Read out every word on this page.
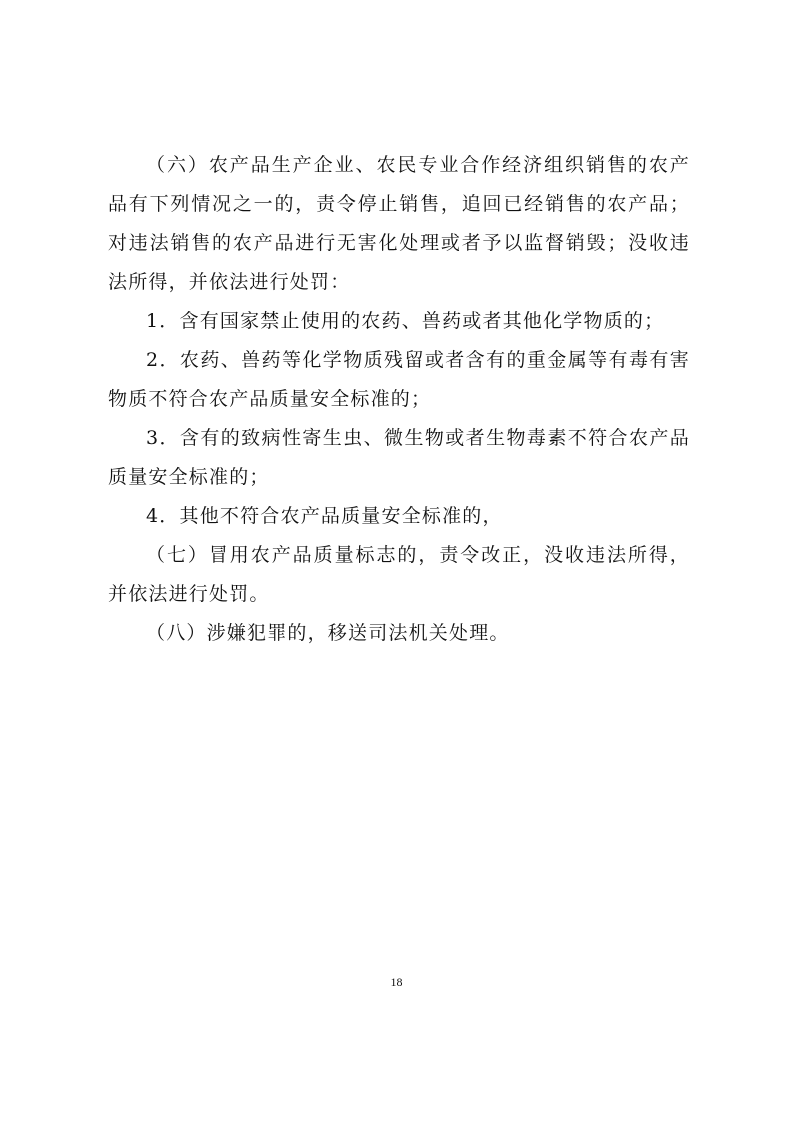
（六）农产品生产企业、农民专业合作经济组织销售的农产品有下列情况之一的，责令停止销售，追回已经销售的农产品；对违法销售的农产品进行无害化处理或者予以监督销毁；没收违法所得，并依法进行处罚：

1．含有国家禁止使用的农药、兽药或者其他化学物质的；

2．农药、兽药等化学物质残留或者含有的重金属等有毒有害物质不符合农产品质量安全标准的；

3．含有的致病性寄生虫、微生物或者生物毒素不符合农产品质量安全标准的；

4．其他不符合农产品质量安全标准的，

（七）冒用农产品质量标志的，责令改正，没收违法所得，并依法进行处罚。

（八）涉嫌犯罪的，移送司法机关处理。

18
